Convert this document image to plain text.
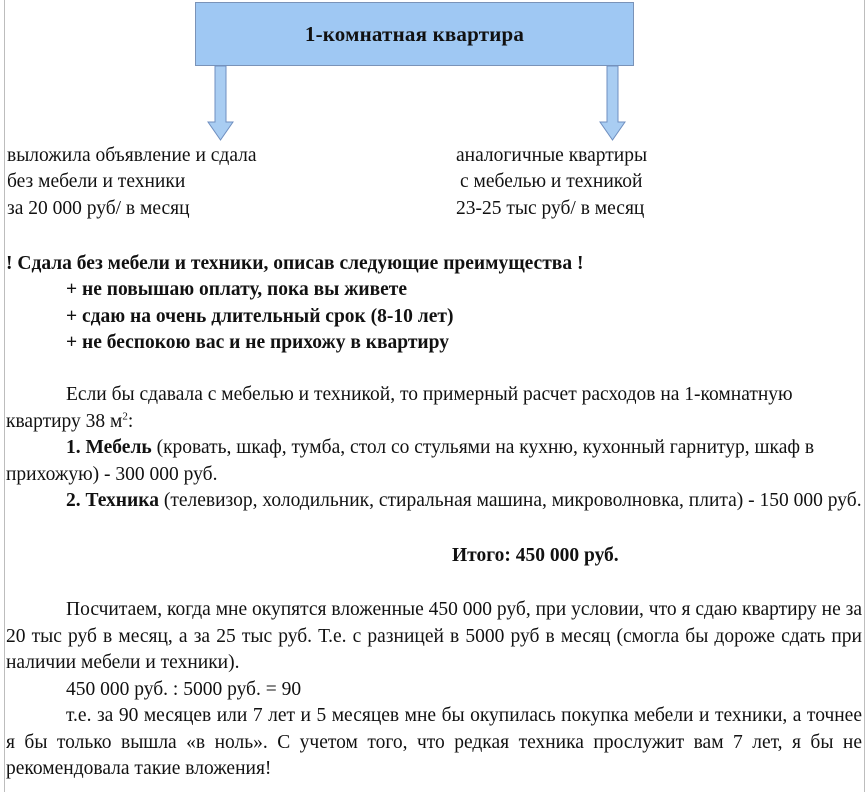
1-комнатная квартира
выложила объявление и сдала
без мебели и техники
за 20 000 руб/ в месяц
аналогичные квартиры
с мебелью и техникой
23-25 тыс руб/ в месяц
! Сдала без мебели и техники, описав следующие преимущества !
+ не повышаю оплату, пока вы живете
+ сдаю на очень длительный срок (8-10 лет)
+ не беспокою вас и не прихожу в квартиру
Если бы сдавала с мебелью и техникой, то примерный расчет расходов на 1-комнатную квартиру 38 $м^2$:
1. Мебель (кровать, шкаф, тумба, стол со стульями на кухню, кухонный гарнитур, шкаф в прихожую) - 300 000 руб.
2. Техника (телевизор, холодильник, стиральная машина, микроволновка, плита) - 150 000 руб.
Итого: 450 000 руб.
Посчитаем, когда мне окупятся вложенные 450 000 руб, при условии, что я сдаю квартиру не за 20 тыс руб в месяц, а за 25 тыс руб. Т.е. с разницей в 5000 руб в месяц (смогла бы дороже сдать при наличии мебели и техники).
450 000 руб. : 5000 руб. = 90
т.е. за 90 месяцев или 7 лет и 5 месяцев мне бы окупилась покупка мебели и техники, а точнее я бы только вышла «в ноль». С учетом того, что редкая техника прослужит вам 7 лет, я бы не рекомендовала такие вложения!
